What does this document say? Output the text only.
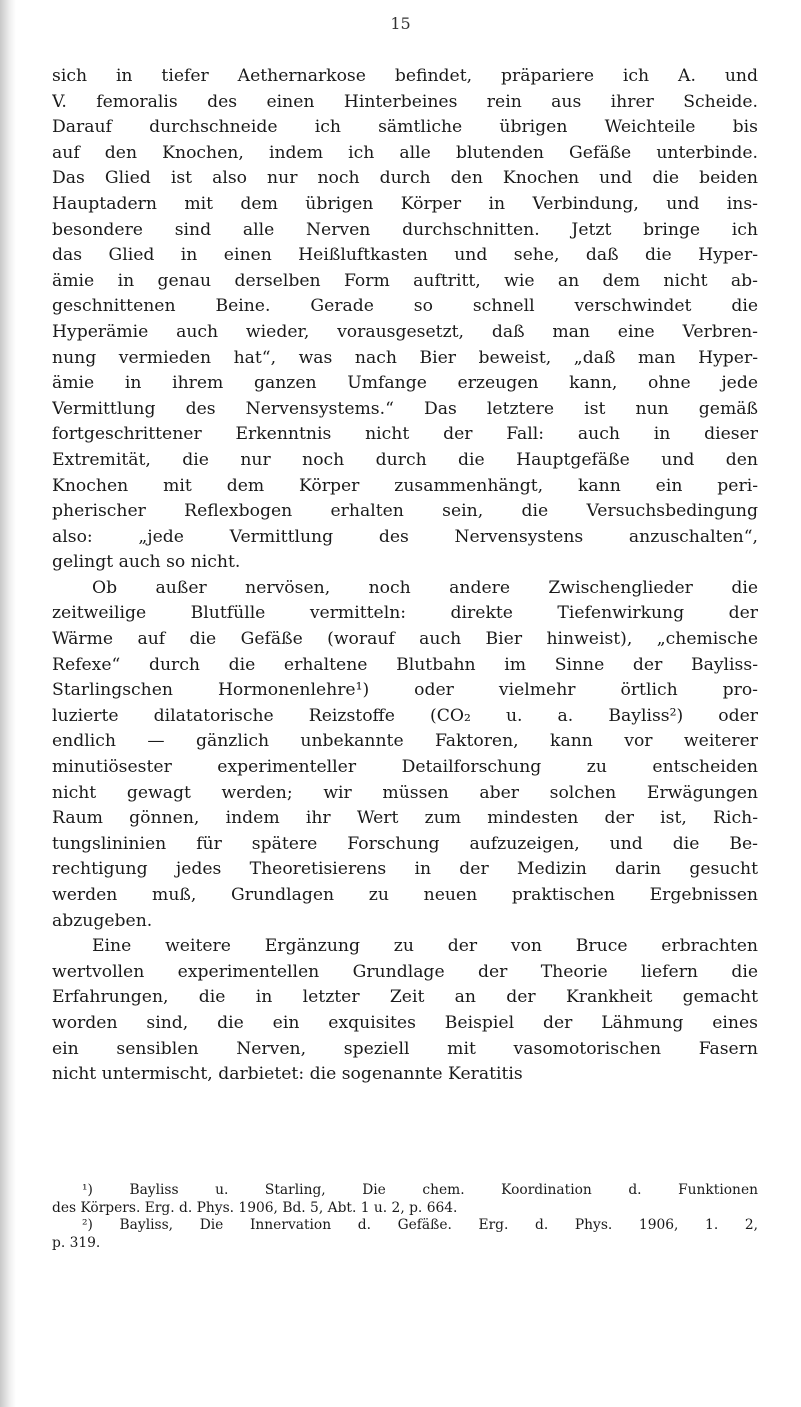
15
sich in tiefer Aethernarkose befindet, präpariere ich A. und
V. femoralis des einen Hinterbeines rein aus ihrer Scheide.
Darauf durchschneide ich sämtliche übrigen Weichteile bis
auf den Knochen, indem ich alle blutenden Gefäße unterbinde.
Das Glied ist also nur noch durch den Knochen und die beiden
Hauptadern mit dem übrigen Körper in Verbindung, und ins-
besondere sind alle Nerven durchschnitten. Jetzt bringe ich
das Glied in einen Heißluftkasten und sehe, daß die Hyper-
ämie in genau derselben Form auftritt, wie an dem nicht ab-
geschnittenen Beine. Gerade so schnell verschwindet die
Hyperämie auch wieder, vorausgesetzt, daß man eine Verbren-
nung vermieden hat“, was nach Bier beweist, „daß man Hyper-
ämie in ihrem ganzen Umfange erzeugen kann, ohne jede
Vermittlung des Nervensystems.“ Das letztere ist nun gemäß
fortgeschrittener Erkenntnis nicht der Fall: auch in dieser
Extremität, die nur noch durch die Hauptgefäße und den
Knochen mit dem Körper zusammenhängt, kann ein peri-
pherischer Reflexbogen erhalten sein, die Versuchsbedingung
also: „jede Vermittlung des Nervensystens anzuschalten“,
gelingt auch so nicht.
Ob außer nervösen, noch andere Zwischenglieder die
zeitweilige Blutfülle vermitteln: direkte Tiefenwirkung der
Wärme auf die Gefäße (worauf auch Bier hinweist), „chemische
Refexe“ durch die erhaltene Blutbahn im Sinne der Bayliss-
Starlingschen Hormonenlehre¹) oder vielmehr örtlich pro-
luzierte dilatatorische Reizstoffe (CO₂ u. a. Bayliss²) oder
endlich — gänzlich unbekannte Faktoren, kann vor weiterer
minutiösester experimenteller Detailforschung zu entscheiden
nicht gewagt werden; wir müssen aber solchen Erwägungen
Raum gönnen, indem ihr Wert zum mindesten der ist, Rich-
tungslininien für spätere Forschung aufzuzeigen, und die Be-
rechtigung jedes Theoretisierens in der Medizin darin gesucht
werden muß, Grundlagen zu neuen praktischen Ergebnissen
abzugeben.
Eine weitere Ergänzung zu der von Bruce erbrachten
wertvollen experimentellen Grundlage der Theorie liefern die
Erfahrungen, die in letzter Zeit an der Krankheit gemacht
worden sind, die ein exquisites Beispiel der Lähmung eines
ein sensiblen Nerven, speziell mit vasomotorischen Fasern
nicht untermischt, darbietet: die sogenannte Keratitis
¹) Bayliss u. Starling, Die chem. Koordination d. Funktionen
des Körpers. Erg. d. Phys. 1906, Bd. 5, Abt. 1 u. 2, p. 664.
²) Bayliss, Die Innervation d. Gefäße. Erg. d. Phys. 1906, 1. 2,
p. 319.
